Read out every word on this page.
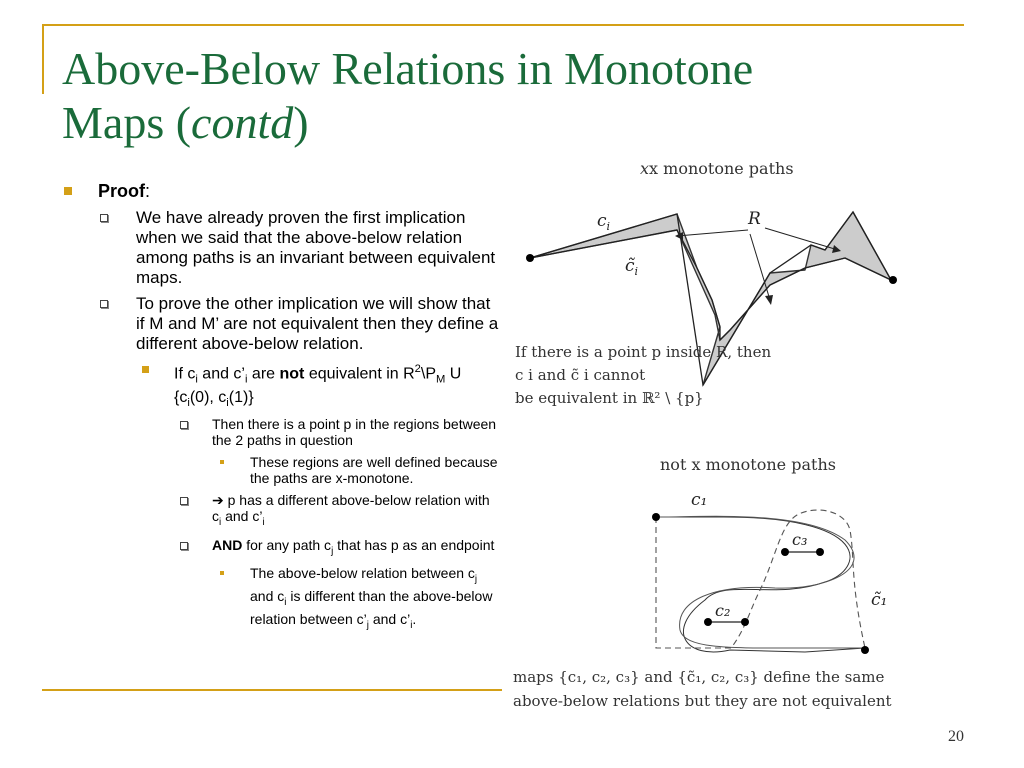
Above-Below Relations in Monotone
Maps (contd)
Proof:
We have already proven the first implication when we said that the above-below relation among paths is an invariant between equivalent maps.
To prove the other implication we will show that if M and M’ are not equivalent then they define a different above-below relation.
If $c_i$ and $c’_i$ are not equivalent in $R^2\backslash P_M$ U {$c_i(0)$, $c_i(1)$}
Then there is a point p in the regions between the 2 paths in question
These regions are well defined because the paths are x-monotone.
➔ p has a different above-below relation with $c_i$ and $c’_i$
AND for any path $c_j$ that has p as an endpoint
The above-below relation between $c_j$ and $c_i$ is different than the above-below relation between $c’_j$ and $c’_i$.
xx monotone paths
$c_i$	R
$c̃_i$
If there is a point p inside R, then
c i and c̃ i cannot
be equivalent in ℝ² \ {p}
not x monotone paths
c₁
c₃
c₂
c̃₁
maps {c₁, c₂, c₃} and {c̃₁, c₂, c₃} define the same
above-below relations but they are not equivalent
20
